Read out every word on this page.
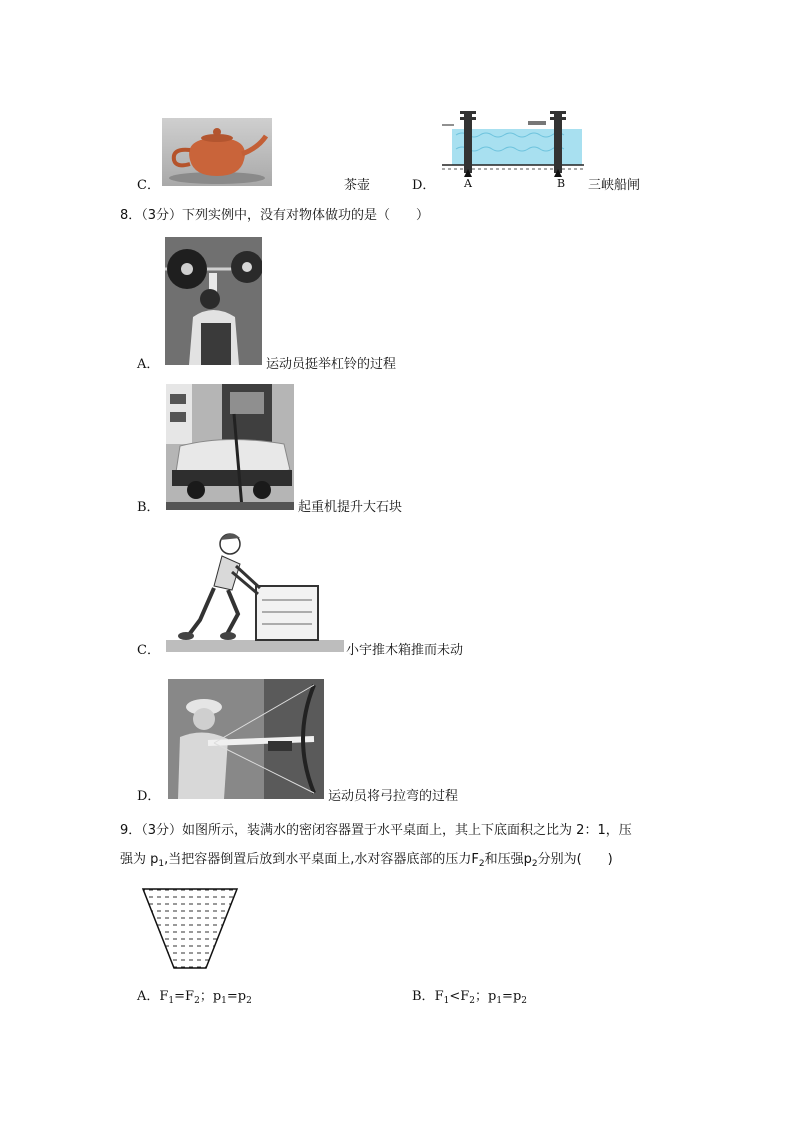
C．	茶壶	D．	A	B 三峡船闸
8．（3分）下列实例中，没有对物体做功的是（　　）
A．	运动员挺举杠铃的过程
B．	起重机提升大石块
C．	小宇推木箱推而未动
D．	运动员将弓拉弯的过程
9．（3分）如图所示，装满水的密闭容器置于水平桌面上，其上下底面积之比为 2：1，压
强为 $p_1$,当把容器倒置后放到水平桌面上,水对容器底部的压力$F_2$和压强$p_2$分别为(　　)
A．$F_1=F_2$；$p_1=p_2$	B．$F_1<F_2$；$p_1=p_2$
